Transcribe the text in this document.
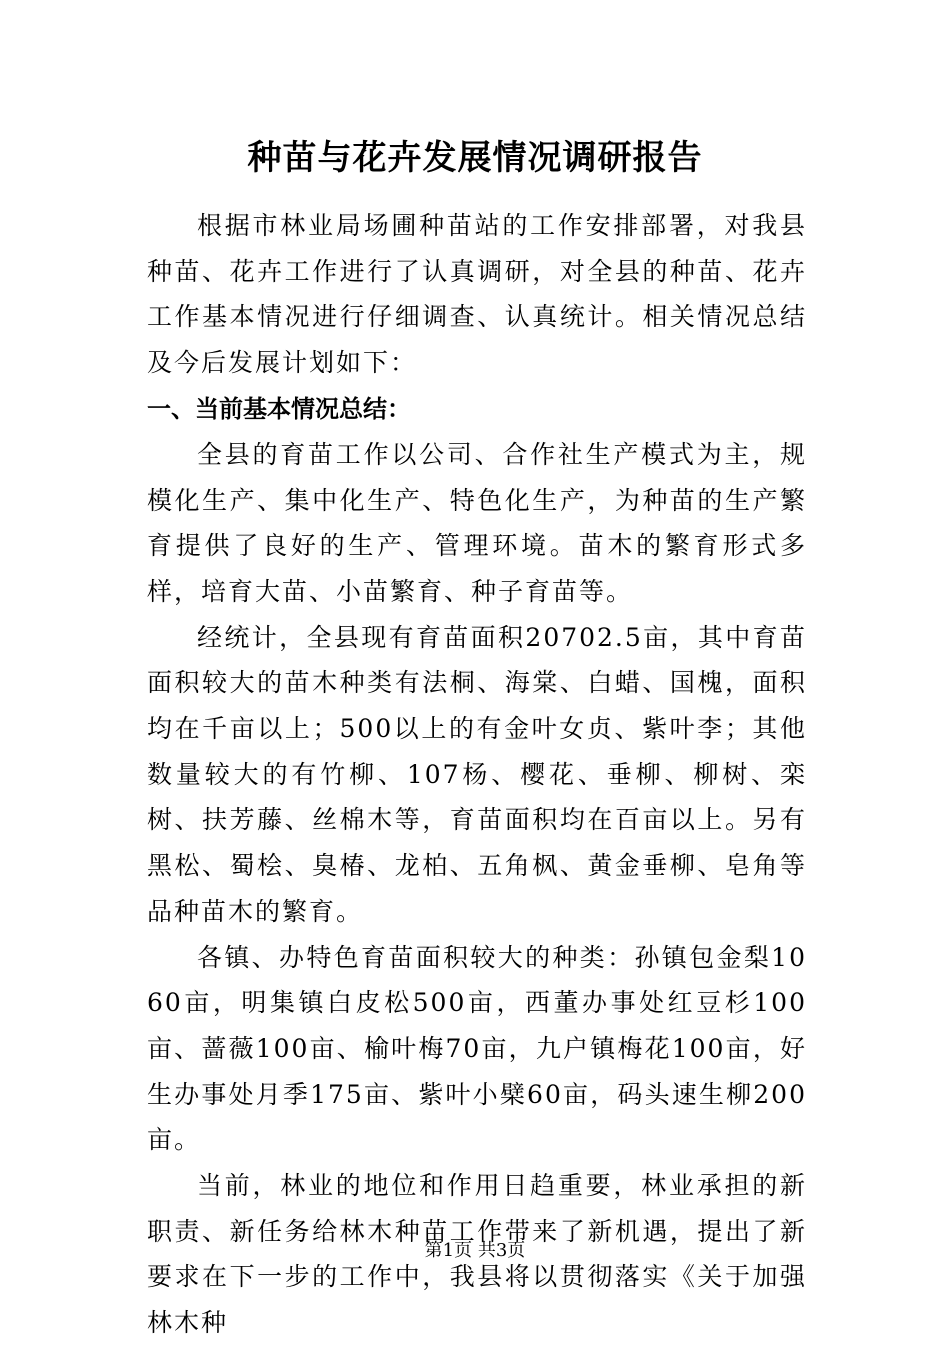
种苗与花卉发展情况调研报告

根据市林业局场圃种苗站的工作安排部署，对我县种苗、花卉工作进行了认真调研，对全县的种苗、花卉工作基本情况进行仔细调查、认真统计。相关情况总结及今后发展计划如下：

一、当前基本情况总结：

全县的育苗工作以公司、合作社生产模式为主，规模化生产、集中化生产、特色化生产，为种苗的生产繁育提供了良好的生产、管理环境。苗木的繁育形式多样，培育大苗、小苗繁育、种子育苗等。

经统计，全县现有育苗面积20702.5亩，其中育苗面积较大的苗木种类有法桐、海棠、白蜡、国槐，面积均在千亩以上；500以上的有金叶女贞、紫叶李；其他数量较大的有竹柳、107杨、樱花、垂柳、柳树、栾树、扶芳藤、丝棉木等，育苗面积均在百亩以上。另有黑松、蜀桧、臭椿、龙柏、五角枫、黄金垂柳、皂角等品种苗木的繁育。

各镇、办特色育苗面积较大的种类：孙镇包金梨1060亩，明集镇白皮松500亩，西董办事处红豆杉100亩、蔷薇100亩、榆叶梅70亩，九户镇梅花100亩，好生办事处月季175亩、紫叶小檗60亩，码头速生柳200亩。

当前，林业的地位和作用日趋重要，林业承担的新职责、新任务给林木种苗工作带来了新机遇，提出了新要求在下一步的工作中，我县将以贯彻落实《关于加强林木种

第1页 共3页
